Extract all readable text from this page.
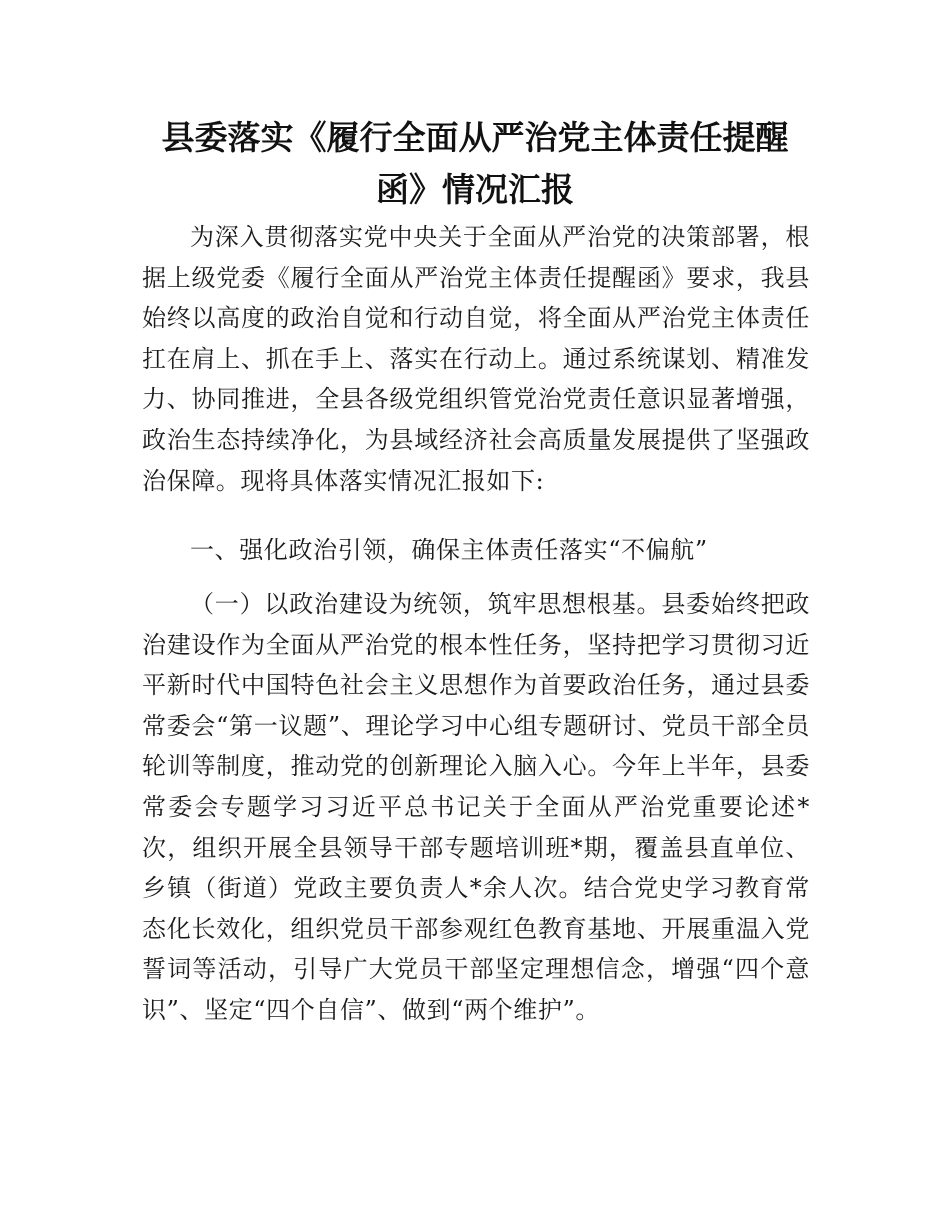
县委落实《履行全面从严治党主体责任提醒
函》情况汇报

为深入贯彻落实党中央关于全面从严治党的决策部署，根据上级党委《履行全面从严治党主体责任提醒函》要求，我县始终以高度的政治自觉和行动自觉，将全面从严治党主体责任扛在肩上、抓在手上、落实在行动上。通过系统谋划、精准发力、协同推进，全县各级党组织管党治党责任意识显著增强，政治生态持续净化，为县域经济社会高质量发展提供了坚强政治保障。现将具体落实情况汇报如下:

一、强化政治引领，确保主体责任落实“不偏航”

（一）以政治建设为统领，筑牢思想根基。县委始终把政治建设作为全面从严治党的根本性任务，坚持把学习贯彻习近平新时代中国特色社会主义思想作为首要政治任务，通过县委常委会“第一议题”、理论学习中心组专题研讨、党员干部全员轮训等制度，推动党的创新理论入脑入心。今年上半年，县委常委会专题学习习近平总书记关于全面从严治党重要论述*次，组织开展全县领导干部专题培训班*期，覆盖县直单位、乡镇（街道）党政主要负责人*余人次。结合党史学习教育常态化长效化，组织党员干部参观红色教育基地、开展重温入党誓词等活动，引导广大党员干部坚定理想信念，增强“四个意识”、坚定“四个自信”、做到“两个维护”。
